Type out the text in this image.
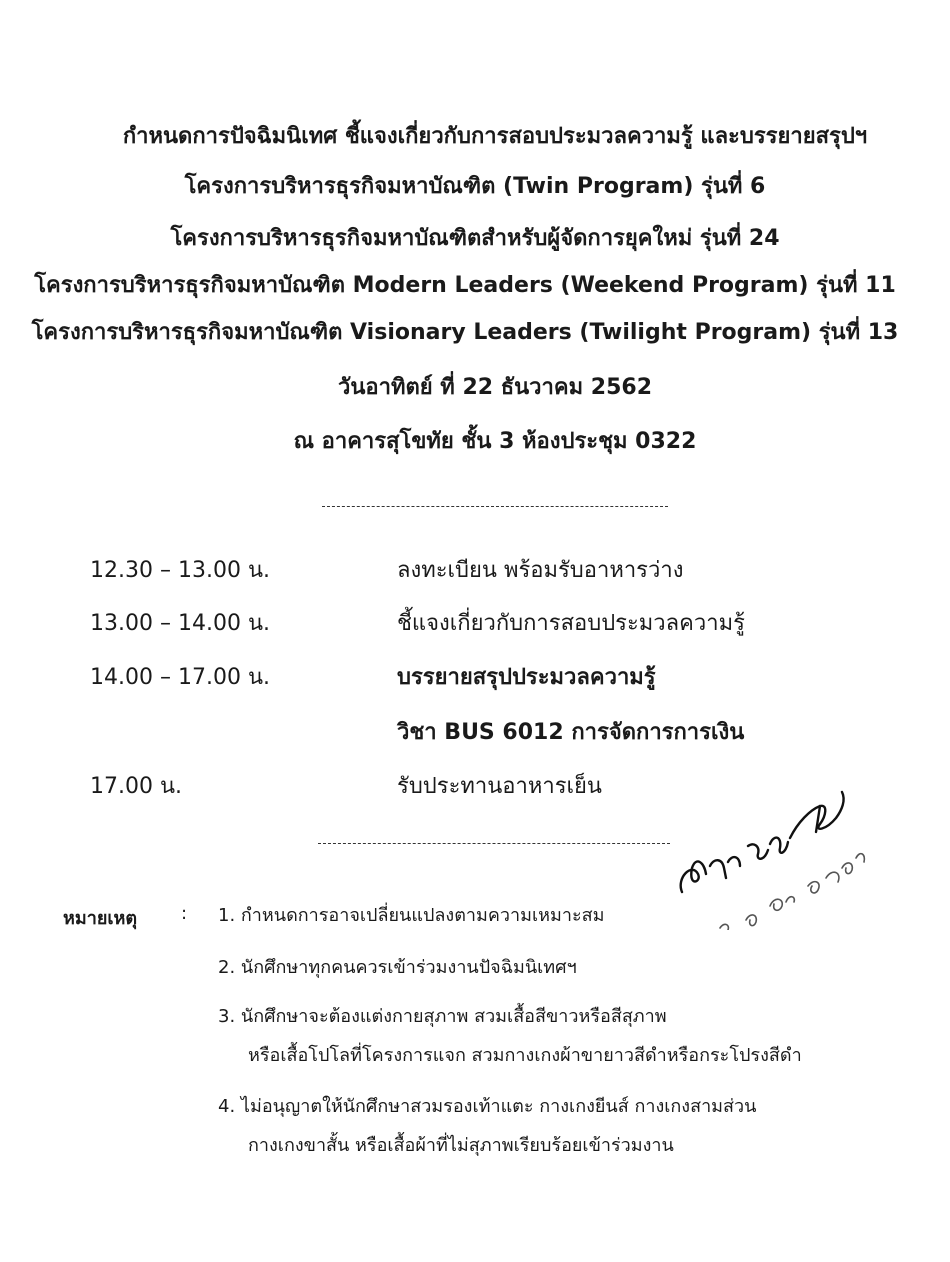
กำหนดการปัจฉิมนิเทศ ชี้แจงเกี่ยวกับการสอบประมวลความรู้ และบรรยายสรุปฯ
โครงการบริหารธุรกิจมหาบัณฑิต (Twin Program) รุ่นที่ 6
โครงการบริหารธุรกิจมหาบัณฑิตสำหรับผู้จัดการยุคใหม่ รุ่นที่ 24
โครงการบริหารธุรกิจมหาบัณฑิต Modern Leaders (Weekend Program) รุ่นที่ 11
โครงการบริหารธุรกิจมหาบัณฑิต Visionary Leaders (Twilight Program) รุ่นที่ 13
วันอาทิตย์ ที่ 22 ธันวาคม 2562
ณ อาคารสุโขทัย ชั้น 3 ห้องประชุม 0322
12.30 – 13.00 น.	ลงทะเบียน พร้อมรับอาหารว่าง
13.00 – 14.00 น.	ชี้แจงเกี่ยวกับการสอบประมวลความรู้
14.00 – 17.00 น.	บรรยายสรุปประมวลความรู้
วิชา BUS 6012 การจัดการการเงิน
17.00 น.	รับประทานอาหารเย็น
หมายเหตุ : 1. กำหนดการอาจเปลี่ยนแปลงตามความเหมาะสม
2. นักศึกษาทุกคนควรเข้าร่วมงานปัจฉิมนิเทศฯ
3. นักศึกษาจะต้องแต่งกายสุภาพ สวมเสื้อสีขาวหรือสีสุภาพ
หรือเสื้อโปโลที่โครงการแจก สวมกางเกงผ้าขายาวสีดำหรือกระโปรงสีดำ
4. ไม่อนุญาตให้นักศึกษาสวมรองเท้าแตะ กางเกงยีนส์ กางเกงสามส่วน
กางเกงขาสั้น หรือเสื้อผ้าที่ไม่สุภาพเรียบร้อยเข้าร่วมงาน
